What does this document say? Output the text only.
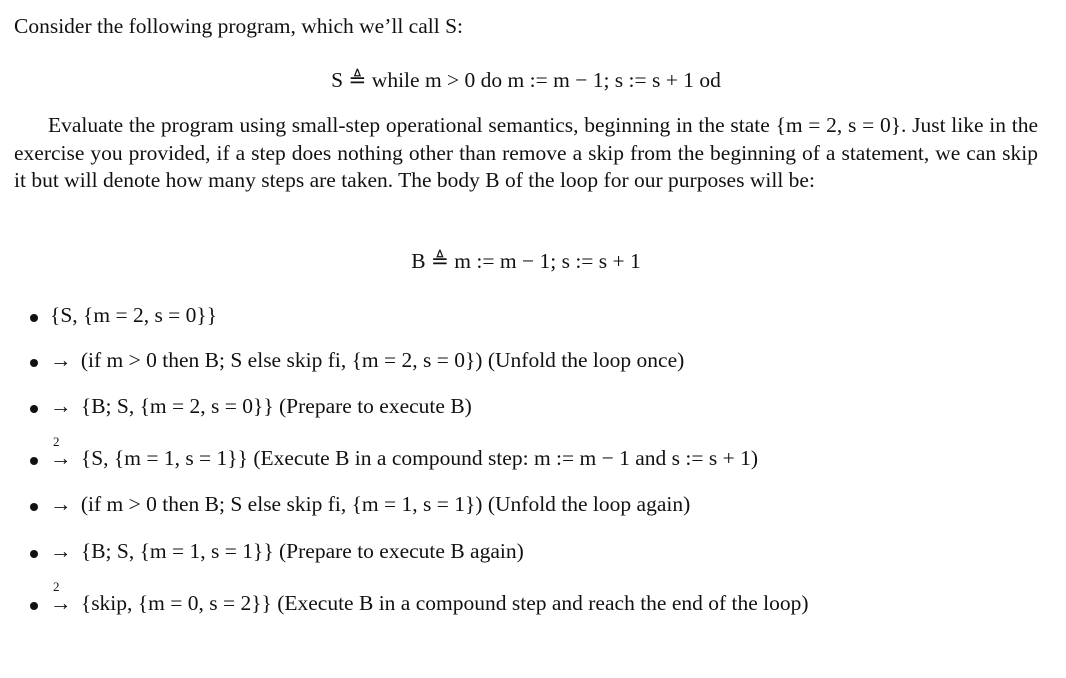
Consider the following program, which we’ll call S:
S ≜ while m > 0 do m := m − 1; s := s + 1 od
Evaluate the program using small-step operational semantics, beginning in the state {m = 2, s = 0}. Just like in the exercise you provided, if a step does nothing other than remove a skip from the beginning of a statement, we can skip it but will denote how many steps are taken. The body B of the loop for our purposes will be:
B ≜ m := m − 1; s := s + 1
{S, {m = 2, s = 0}}
→ (if m > 0 then B; S else skip fi, {m = 2, s = 0}) (Unfold the loop once)
→ {B; S, {m = 2, s = 0}} (Prepare to execute B)
2
→ {S, {m = 1, s = 1}} (Execute B in a compound step: m := m − 1 and s := s + 1)
→ (if m > 0 then B; S else skip fi, {m = 1, s = 1}) (Unfold the loop again)
→ {B; S, {m = 1, s = 1}} (Prepare to execute B again)
2
→ {skip, {m = 0, s = 2}} (Execute B in a compound step and reach the end of the loop)
